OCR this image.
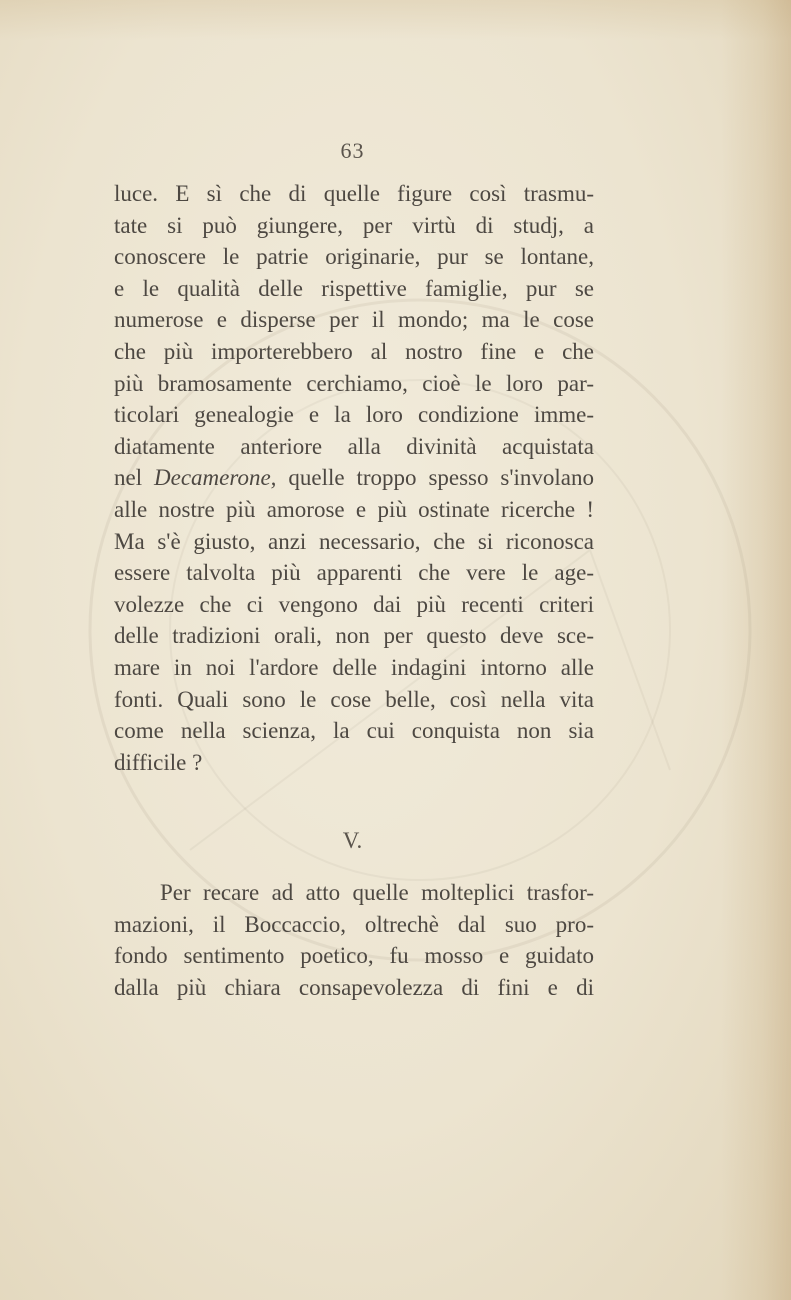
63
luce. E sì che di quelle figure così trasmu-
tate si può giungere, per virtù di studj, a
conoscere le patrie originarie, pur se lontane,
e le qualità delle rispettive famiglie, pur se
numerose e disperse per il mondo; ma le cose
che più importerebbero al nostro fine e che
più bramosamente cerchiamo, cioè le loro par-
ticolari genealogie e la loro condizione imme-
diatamente anteriore alla divinità acquistata
nel Decamerone, quelle troppo spesso s'involano
alle nostre più amorose e più ostinate ricerche !
Ma s'è giusto, anzi necessario, che si riconosca
essere talvolta più apparenti che vere le age-
volezze che ci vengono dai più recenti criteri
delle tradizioni orali, non per questo deve sce-
mare in noi l'ardore delle indagini intorno alle
fonti. Quali sono le cose belle, così nella vita
come nella scienza, la cui conquista non sia
difficile ?
V.
Per recare ad atto quelle molteplici trasfor-
mazioni, il Boccaccio, oltrechè dal suo pro-
fondo sentimento poetico, fu mosso e guidato
dalla più chiara consapevolezza di fini e di
